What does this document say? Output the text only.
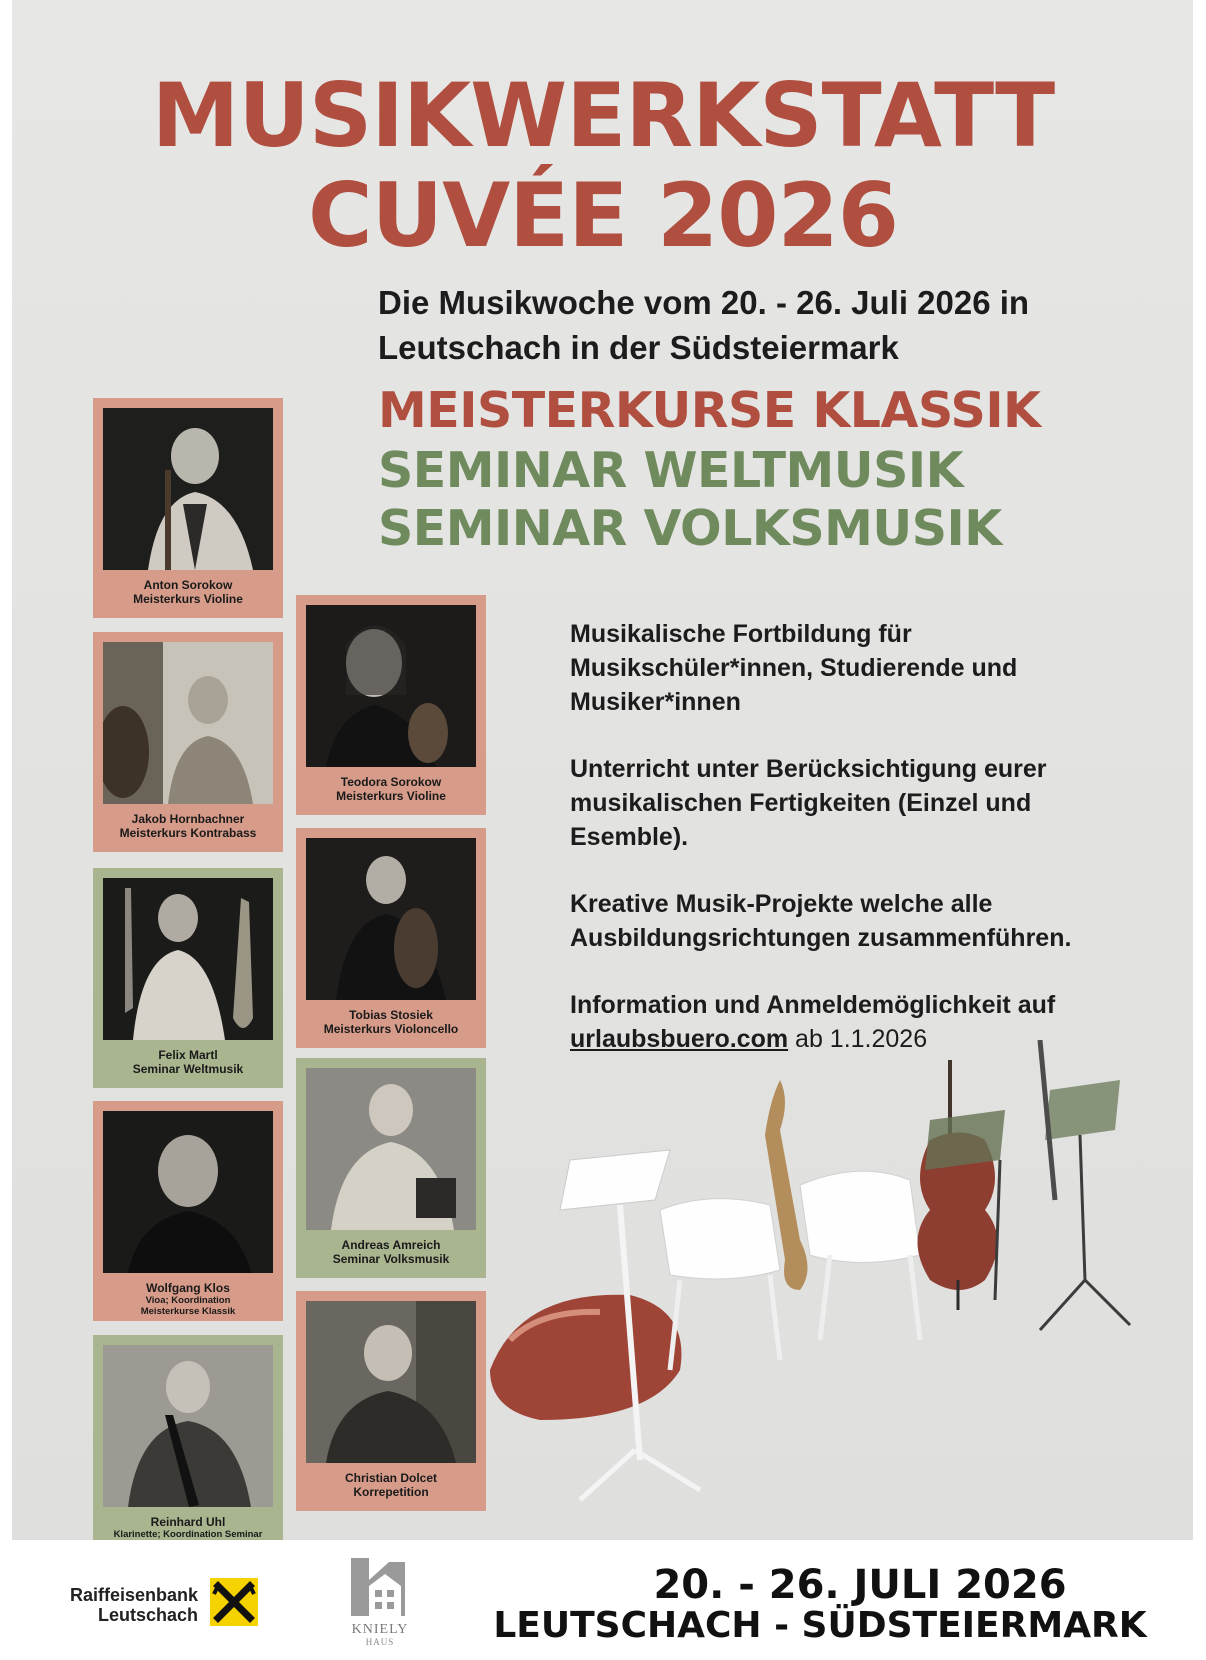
MUSIKWERKSTATT
CUVÉE 2026
Die Musikwoche vom 20. - 26. Juli 2026 in
Leutschach in der Südsteiermark
MEISTERKURSE KLASSIK
SEMINAR WELTMUSIK
SEMINAR VOLKSMUSIK
Anton Sorokow
Meisterkurs Violine
Jakob Hornbachner
Meisterkurs Kontrabass
Felix Martl
Seminar Weltmusik
Wolfgang Klos
Vioa; Koordination
Meisterkurse Klassik
Reinhard Uhl
Klarinette; Koordination Seminar
Teodora Sorokow
Meisterkurs Violine
Tobias Stosiek
Meisterkurs Violoncello
Andreas Amreich
Seminar Volksmusik
Christian Dolcet
Korrepetition

Musikalische Fortbildung für Musikschüler*innen, Studierende und Musiker*innen

Unterricht unter Berücksichtigung eurer musikalischen Fertigkeiten (Einzel und Esemble).

Kreative Musik-Projekte welche alle Ausbildungsrichtungen zusammenführen.

Information und Anmeldemöglichkeit auf urlaubsbuero.com ab 1.1.2026

Raiffeisenbank
Leutschach
KNIELY
HAUS
20. - 26. JULI 2026
LEUTSCHACH - SÜDSTEIERMARK
